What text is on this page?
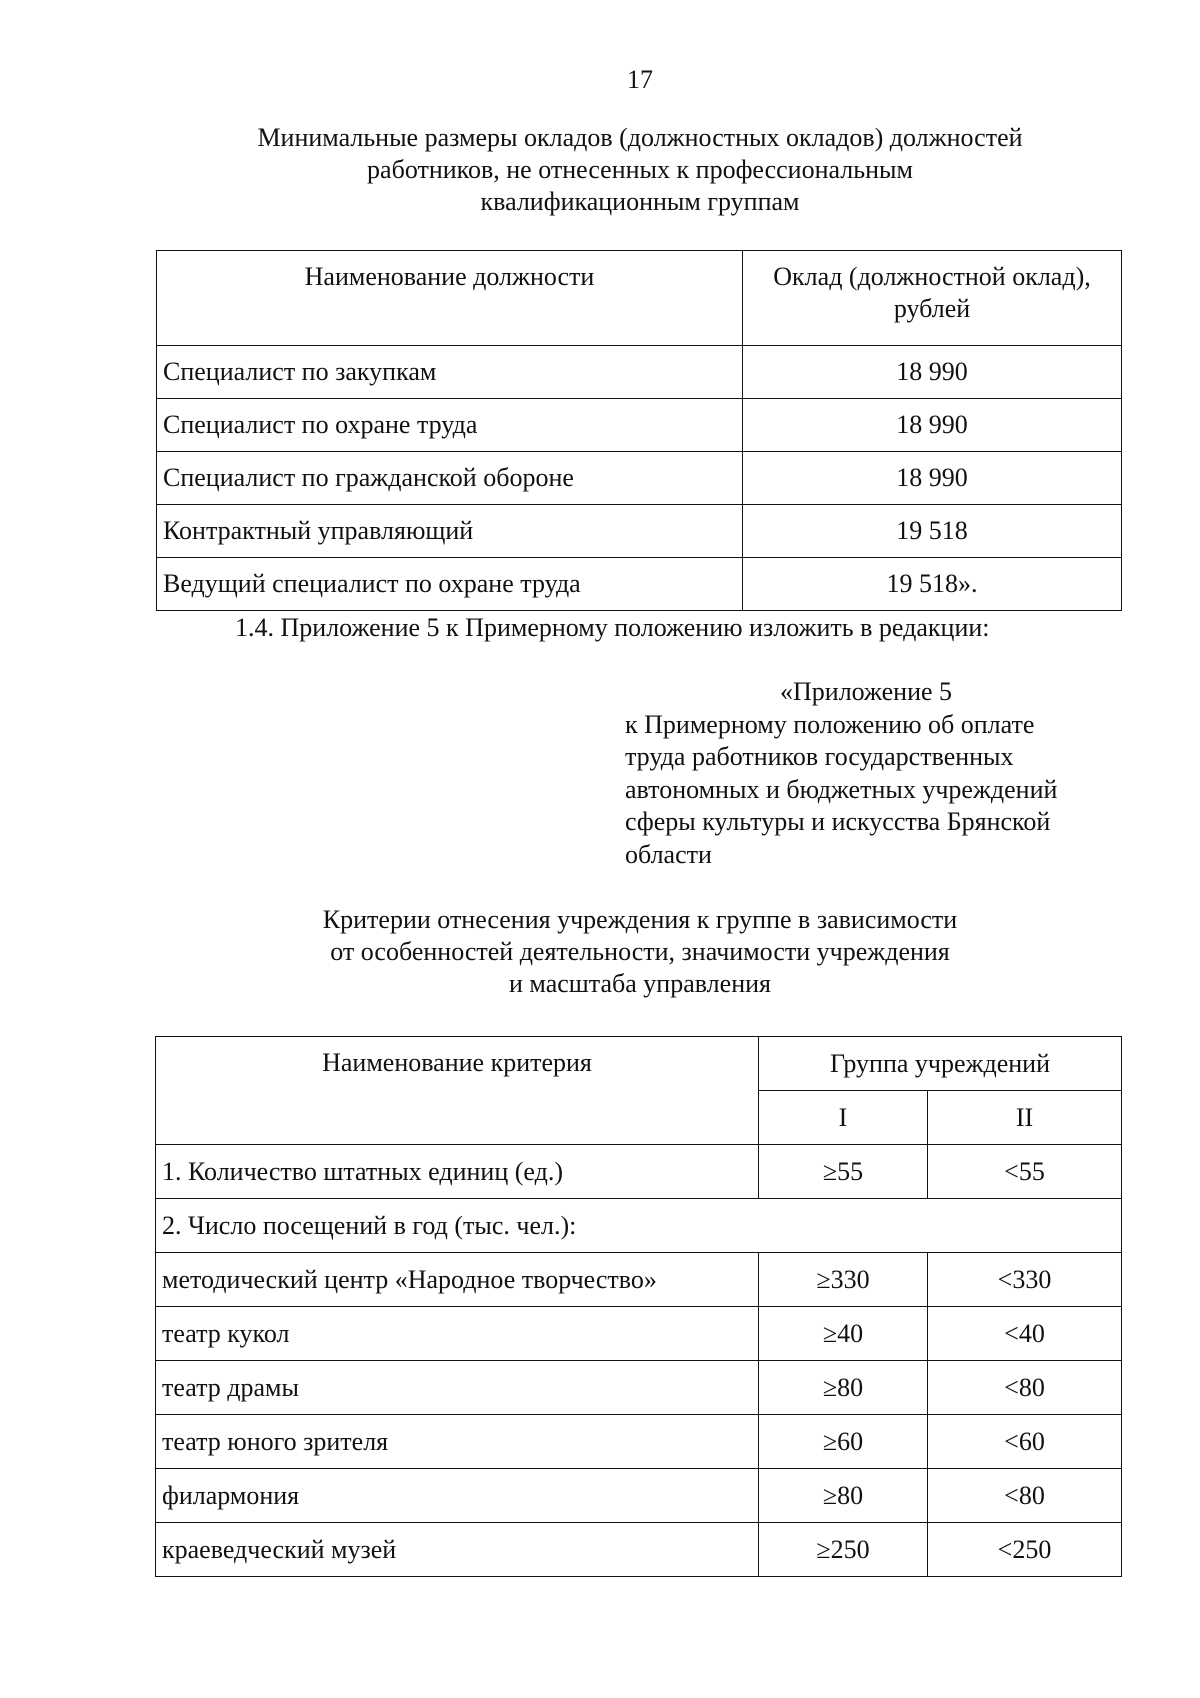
17
Минимальные размеры окладов (должностных окладов) должностей
работников, не отнесенных к профессиональным
квалификационным группам
Наименование должности	Оклад (должностной оклад),
рублей
Специалист по закупкам	18 990
Специалист по охране труда	18 990
Специалист по гражданской обороне	18 990
Контрактный управляющий	19 518
Ведущий специалист по охране труда	19 518».
1.4. Приложение 5 к Примерному положению изложить в редакции:
«Приложение 5
к Примерному положению об оплате
труда работников государственных
автономных и бюджетных учреждений
сферы культуры и искусства Брянской
области
Критерии отнесения учреждения к группе в зависимости
от особенностей деятельности, значимости учреждения
и масштаба управления
Наименование критерия	Группа учреждений	
	I	II
1. Количество штатных единиц (ед.)	≥55	<55
2. Число посещений в год (тыс. чел.):		
методический центр «Народное творчество»	≥330	<330
театр кукол	≥40	<40
театр драмы	≥80	<80
театр юного зрителя	≥60	<60
филармония	≥80	<80
краеведческий музей	≥250	<250
